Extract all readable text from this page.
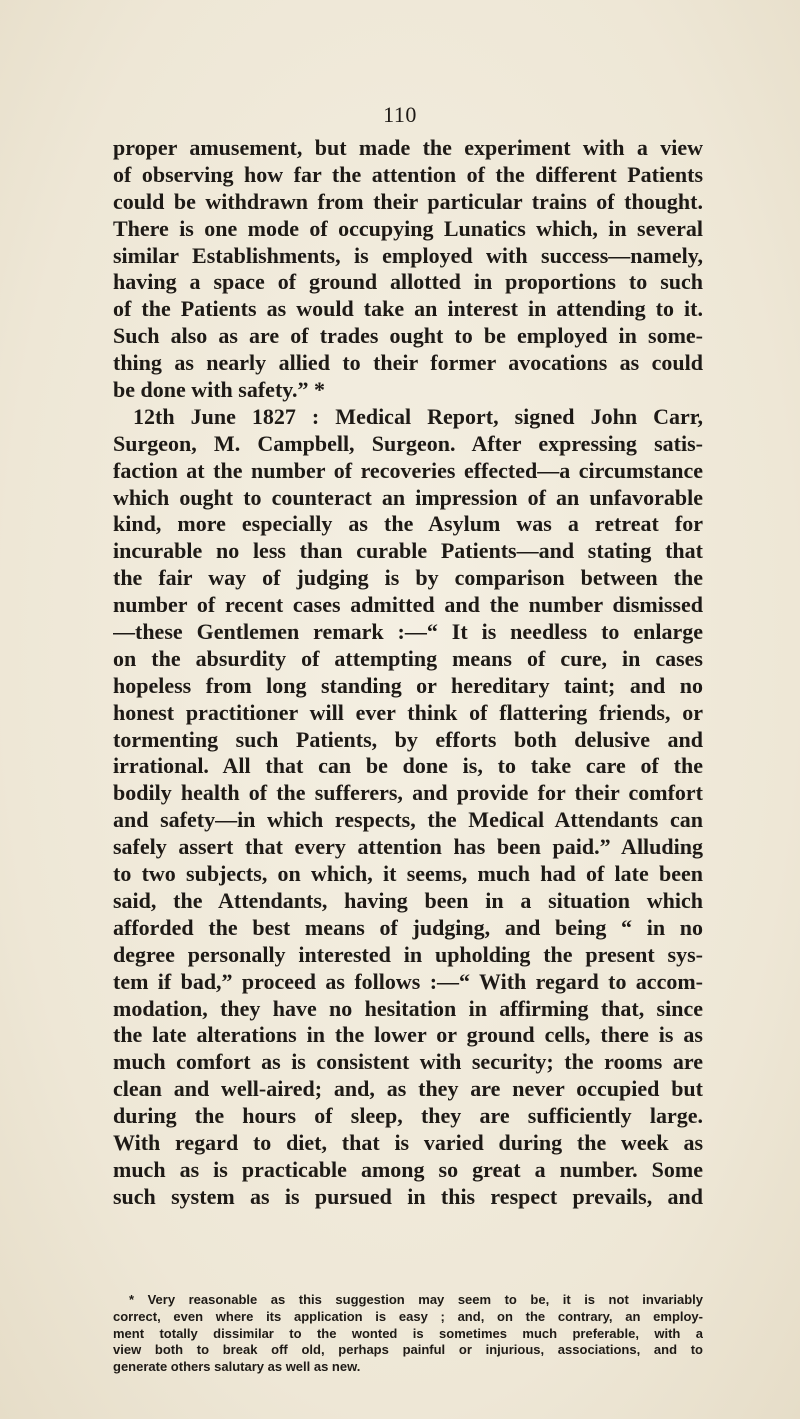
110
proper amusement, but made the experiment with a view
of observing how far the attention of the different Patients
could be withdrawn from their particular trains of thought.
There is one mode of occupying Lunatics which, in several
similar Establishments, is employed with success—namely,
having a space of ground allotted in proportions to such
of the Patients as would take an interest in attending to it.
Such also as are of trades ought to be employed in some-
thing as nearly allied to their former avocations as could
be done with safety.” *
12th June 1827 : Medical Report, signed John Carr,
Surgeon, M. Campbell, Surgeon. After expressing satis-
faction at the number of recoveries effected—a circumstance
which ought to counteract an impression of an unfavorable
kind, more especially as the Asylum was a retreat for
incurable no less than curable Patients—and stating that
the fair way of judging is by comparison between the
number of recent cases admitted and the number dismissed
—these Gentlemen remark :—“ It is needless to enlarge
on the absurdity of attempting means of cure, in cases
hopeless from long standing or hereditary taint; and no
honest practitioner will ever think of flattering friends, or
tormenting such Patients, by efforts both delusive and
irrational. All that can be done is, to take care of the
bodily health of the sufferers, and provide for their comfort
and safety—in which respects, the Medical Attendants can
safely assert that every attention has been paid.” Alluding
to two subjects, on which, it seems, much had of late been
said, the Attendants, having been in a situation which
afforded the best means of judging, and being “ in no
degree personally interested in upholding the present sys-
tem if bad,” proceed as follows :—“ With regard to accom-
modation, they have no hesitation in affirming that, since
the late alterations in the lower or ground cells, there is as
much comfort as is consistent with security; the rooms are
clean and well-aired; and, as they are never occupied but
during the hours of sleep, they are sufficiently large.
With regard to diet, that is varied during the week as
much as is practicable among so great a number. Some
such system as is pursued in this respect prevails, and
* Very reasonable as this suggestion may seem to be, it is not invariably
correct, even where its application is easy ; and, on the contrary, an employ-
ment totally dissimilar to the wonted is sometimes much preferable, with a
view both to break off old, perhaps painful or injurious, associations, and to
generate others salutary as well as new.
